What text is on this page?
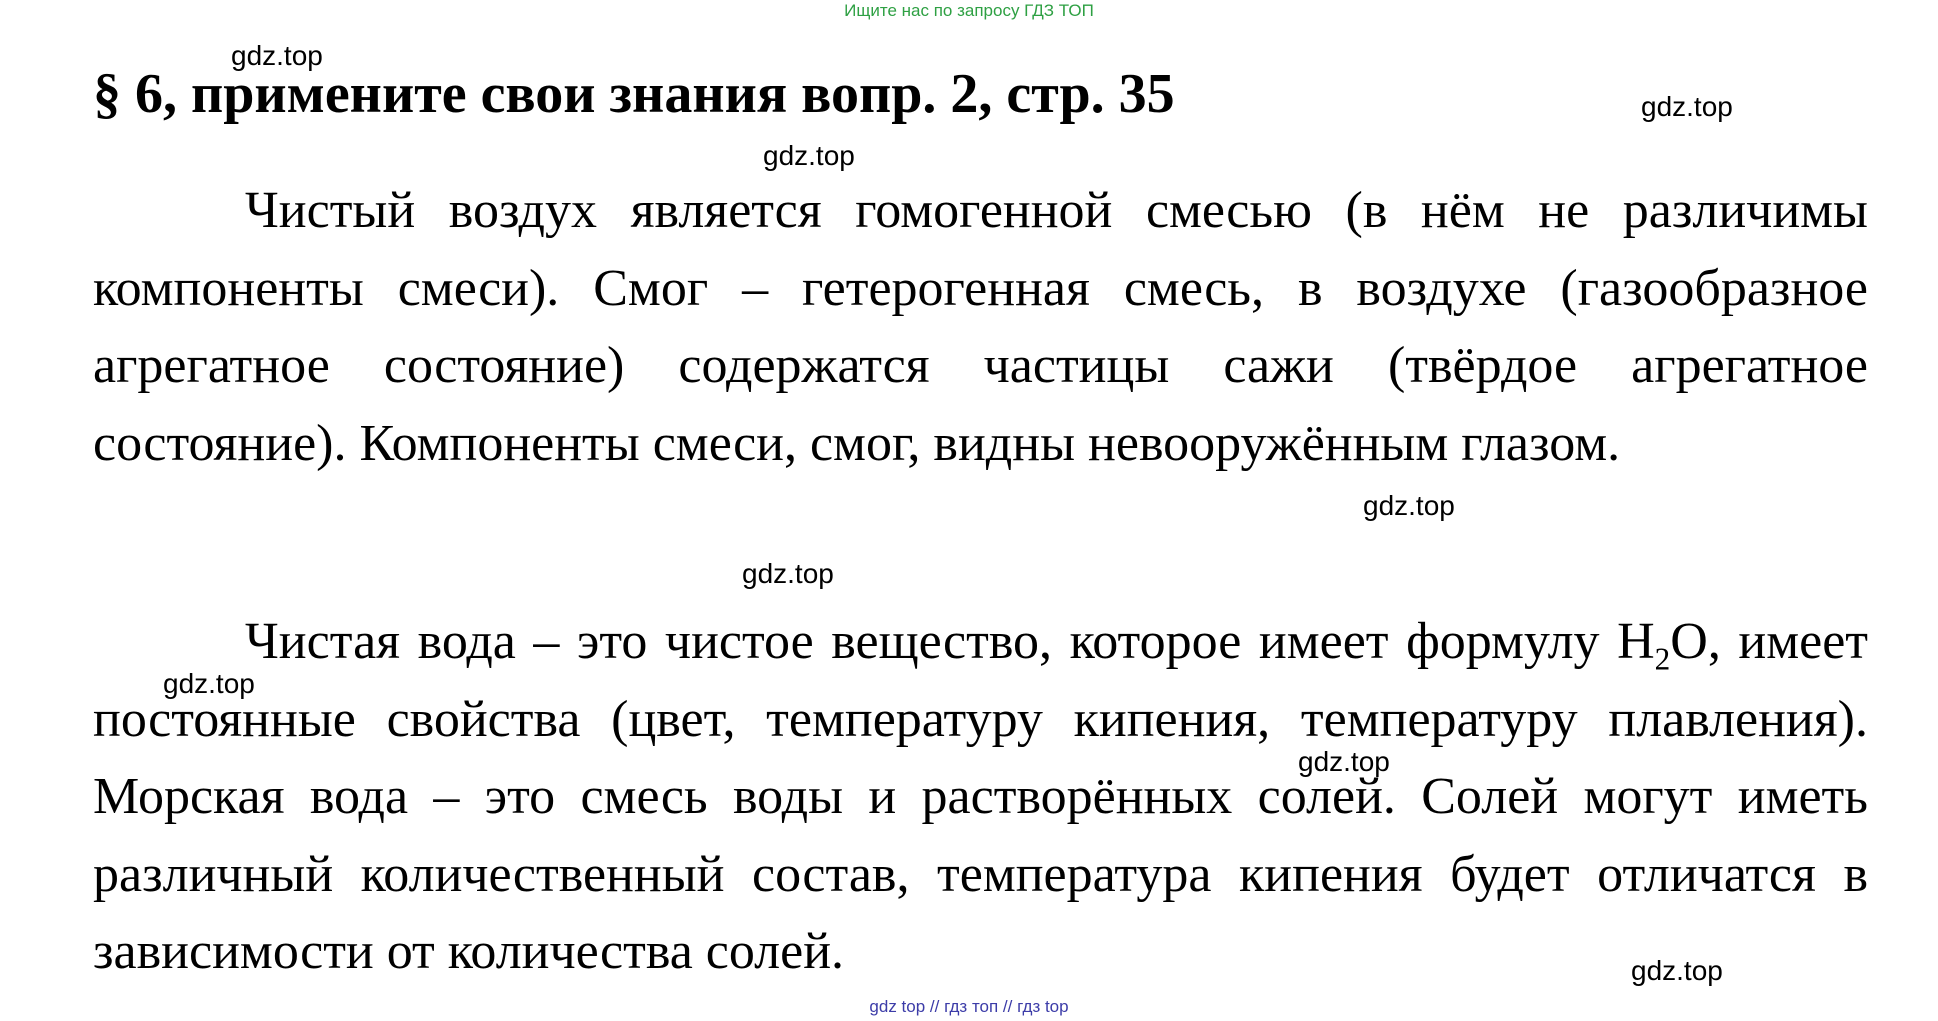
Ищите нас по запросу ГДЗ ТОП
§ 6, примените свои знания вопр. 2, стр. 35

Чистый воздух является гомогенной смесью (в нём не различимы компоненты смеси). Смог – гетерогенная смесь, в воздухе (газообразное агрегатное состояние) содержатся частицы сажи (твёрдое агрегатное состояние). Компоненты смеси, смог, видны невооружённым глазом.

Чистая вода – это чистое вещество, которое имеет формулу $H_2O$, имеет постоянные свойства (цвет, температуру кипения, температуру плавления). Морская вода – это смесь воды и растворённых солей. Солей могут иметь различный количественный состав, температура кипения будет отличатся в зависимости от количества солей.

gdz.top
gdz.top
gdz.top
gdz.top
gdz.top
gdz.top
gdz.top
gdz.top
gdz top // гдз топ // гдз top
